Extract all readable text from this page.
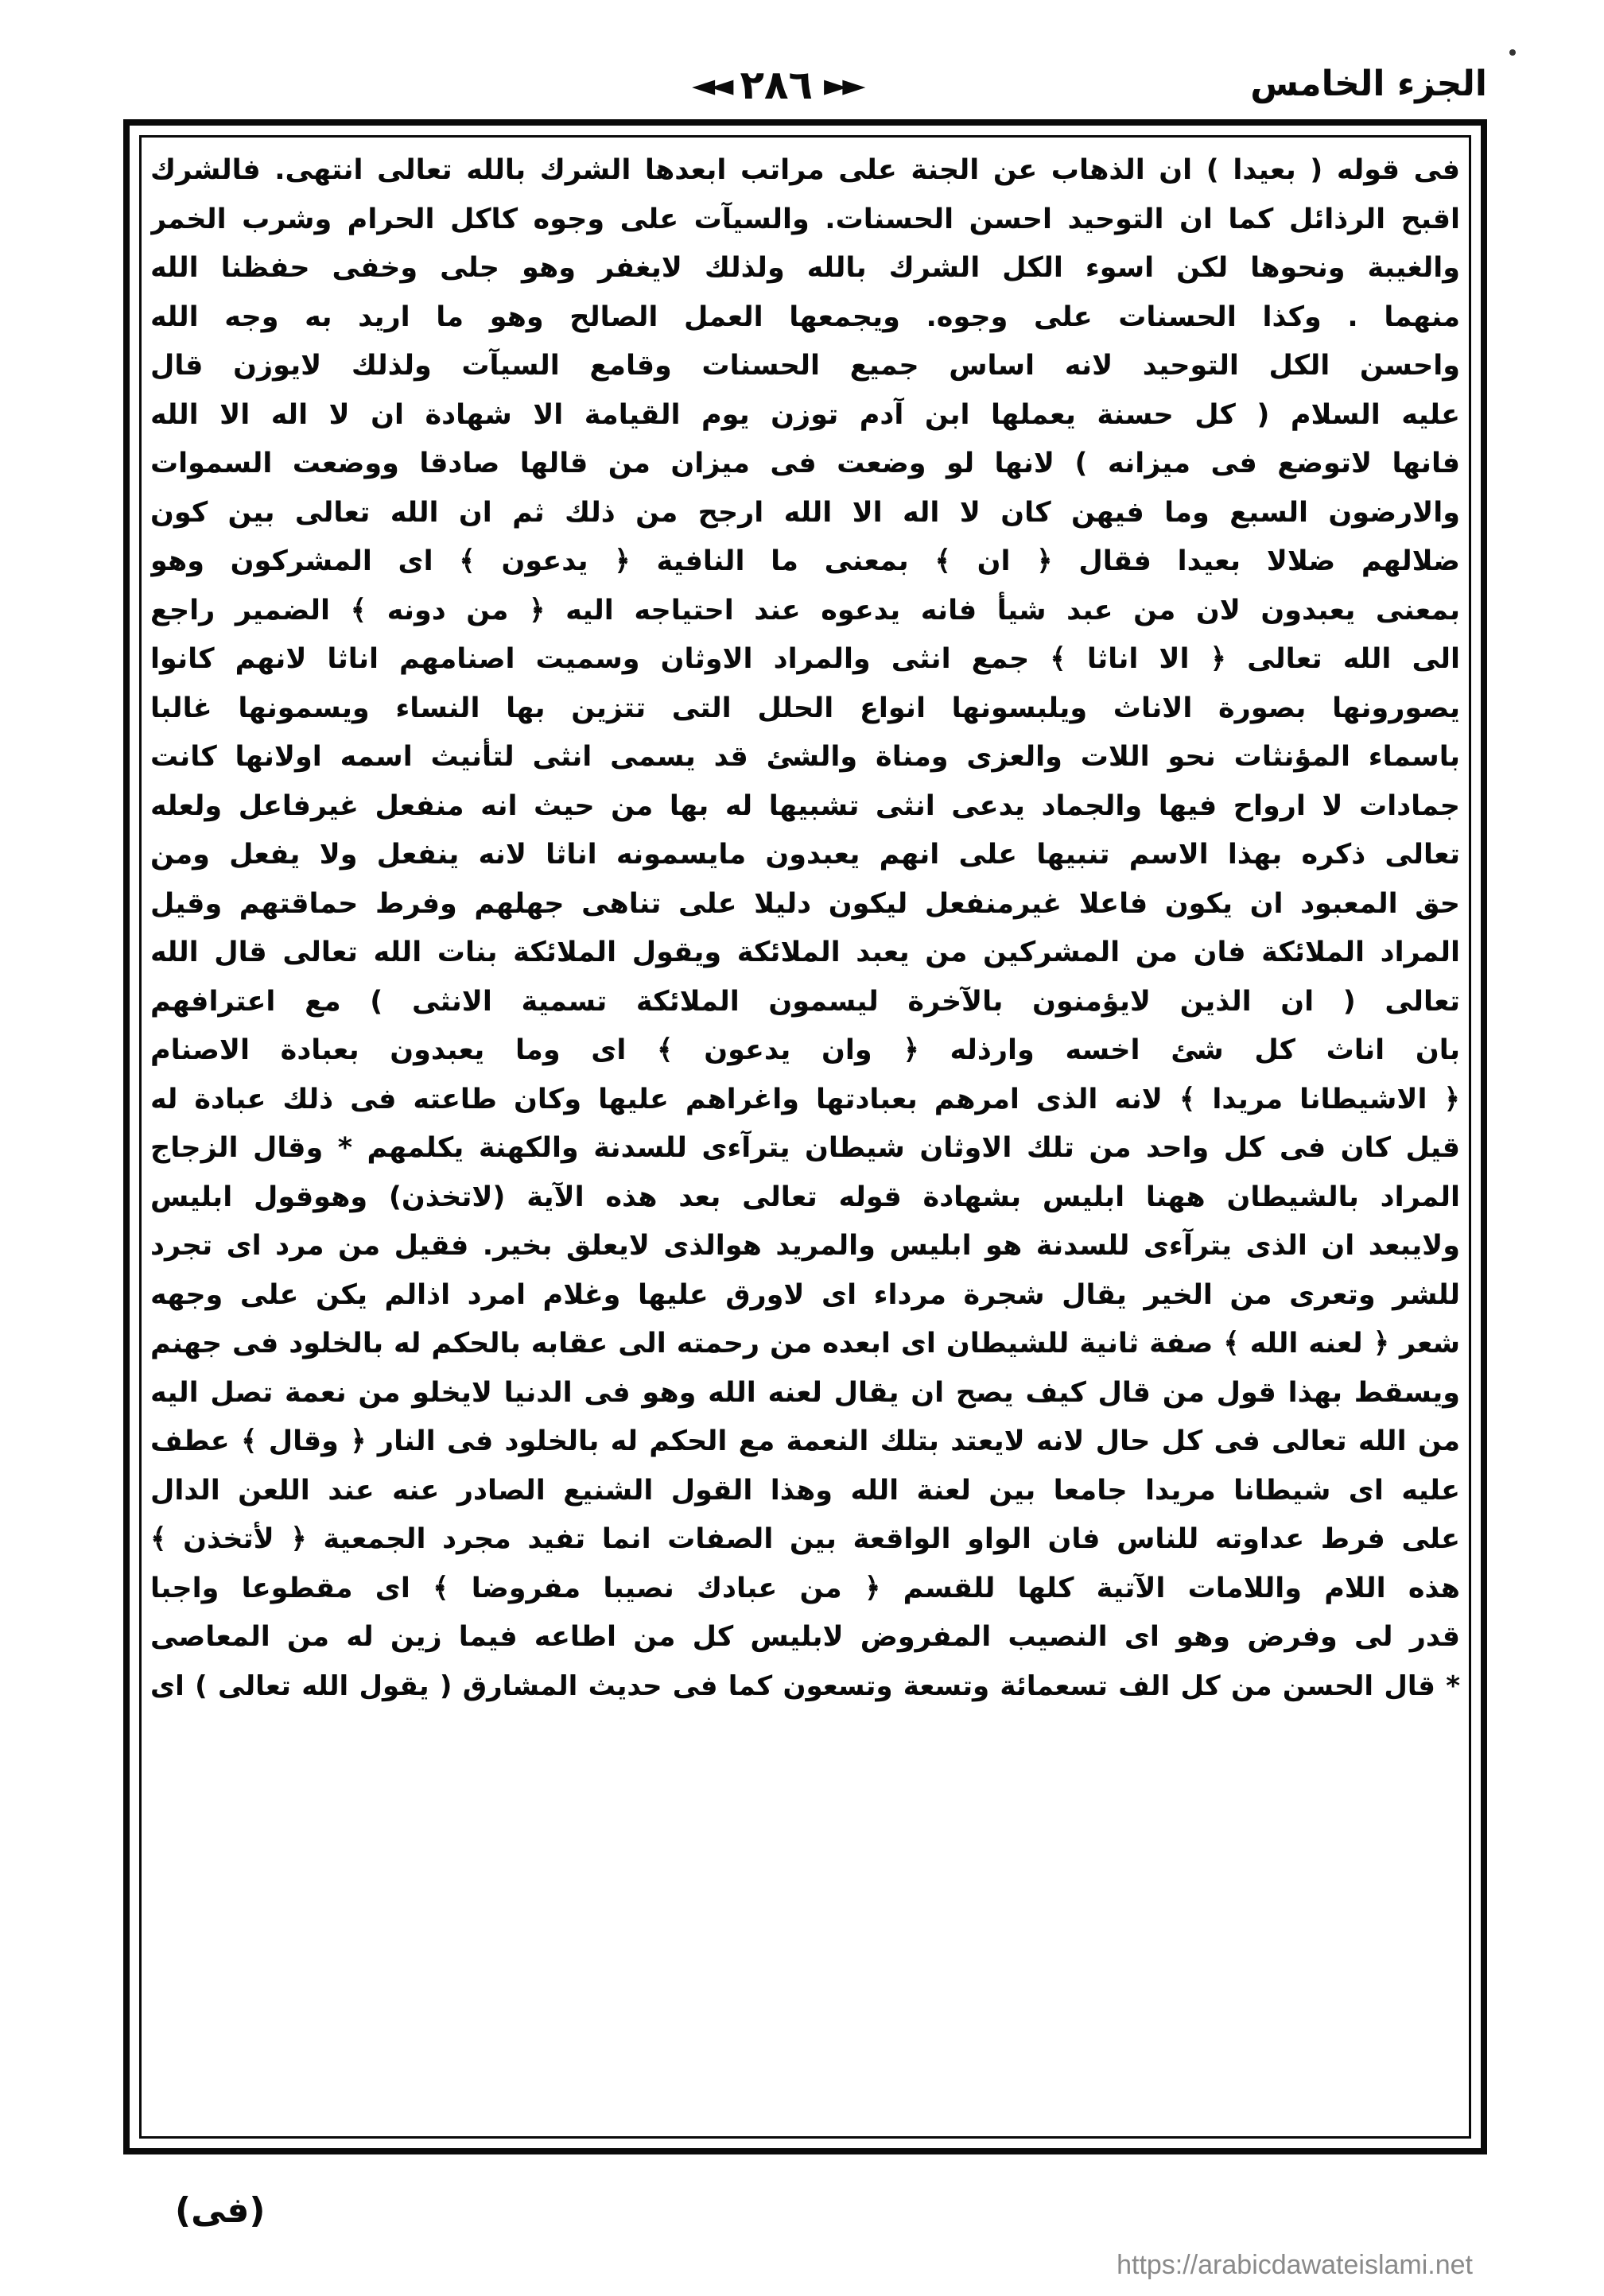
الجزء الخامس
◄◄ ٢٨٦ ►►
فى قوله ( بعيدا ) ان الذهاب عن الجنة على مراتب ابعدها الشرك بالله تعالى انتهى. فالشرك
اقبح الرذائل كما ان التوحيد احسن الحسنات. والسيآت على وجوه كاكل الحرام وشرب الخمر
والغيبة ونحوها لكن اسوء الكل الشرك بالله ولذلك لايغفر وهو جلى وخفى حفظنا الله
منهما . وكذا الحسنات على وجوه. ويجمعها العمل الصالح وهو ما اريد به وجه الله
واحسن الكل التوحيد لانه اساس جميع الحسنات وقامع السيآت ولذلك لايوزن قال
عليه السلام ( كل حسنة يعملها ابن آدم توزن يوم القيامة الا شهادة ان لا اله الا الله
فانها لاتوضع فى ميزانه ) لانها لو وضعت فى ميزان من قالها صادقا ووضعت السموات
والارضون السبع وما فيهن كان لا اله الا الله ارجح من ذلك ثم ان الله تعالى بين كون
ضلالهم ضلالا بعيدا فقال ﴿ ان ﴾ بمعنى ما النافية ﴿ يدعون ﴾ اى المشركون وهو
بمعنى يعبدون لان من عبد شيأ فانه يدعوه عند احتياجه اليه ﴿ من دونه ﴾ الضمير راجع
الى الله تعالى ﴿ الا اناثا ﴾ جمع انثى والمراد الاوثان وسميت اصنامهم اناثا لانهم كانوا
يصورونها بصورة الاناث ويلبسونها انواع الحلل التى تتزين بها النساء ويسمونها غالبا
باسماء المؤنثات نحو اللات والعزى ومناة والشئ قد يسمى انثى لتأنيث اسمه اولانها كانت
جمادات لا ارواح فيها والجماد يدعى انثى تشبيها له بها من حيث انه منفعل غيرفاعل ولعله
تعالى ذكره بهذا الاسم تنبيها على انهم يعبدون مايسمونه اناثا لانه ينفعل ولا يفعل ومن
حق المعبود ان يكون فاعلا غيرمنفعل ليكون دليلا على تناهى جهلهم وفرط حماقتهم وقيل
المراد الملائكة فان من المشركين من يعبد الملائكة ويقول الملائكة بنات الله تعالى قال الله
تعالى ( ان الذين لايؤمنون بالآخرة ليسمون الملائكة تسمية الانثى ) مع اعترافهم
بان اناث كل شئ اخسه وارذله ﴿ وان يدعون ﴾ اى وما يعبدون بعبادة الاصنام
﴿ الاشيطانا مريدا ﴾ لانه الذى امرهم بعبادتها واغراهم عليها وكان طاعته فى ذلك عبادة له
قيل كان فى كل واحد من تلك الاوثان شيطان يترآءى للسدنة والكهنة يكلمهم * وقال الزجاج
المراد بالشيطان ههنا ابليس بشهادة قوله تعالى بعد هذه الآية (لاتخذن) وهوقول ابليس
ولايبعد ان الذى يترآءى للسدنة هو ابليس والمريد هوالذى لايعلق بخير. فقيل من مرد اى تجرد
للشر وتعرى من الخير يقال شجرة مرداء اى لاورق عليها وغلام امرد اذالم يكن على وجهه
شعر ﴿ لعنه الله ﴾ صفة ثانية للشيطان اى ابعده من رحمته الى عقابه بالحكم له بالخلود فى جهنم
ويسقط بهذا قول من قال كيف يصح ان يقال لعنه الله وهو فى الدنيا لايخلو من نعمة تصل اليه
من الله تعالى فى كل حال لانه لايعتد بتلك النعمة مع الحكم له بالخلود فى النار ﴿ وقال ﴾ عطف
عليه اى شيطانا مريدا جامعا بين لعنة الله وهذا القول الشنيع الصادر عنه عند اللعن الدال
على فرط عداوته للناس فان الواو الواقعة بين الصفات انما تفيد مجرد الجمعية ﴿ لأتخذن ﴾
هذه اللام واللامات الآتية كلها للقسم ﴿ من عبادك نصيبا مفروضا ﴾ اى مقطوعا واجبا
قدر لى وفرض وهو اى النصيب المفروض لابليس كل من اطاعه فيما زين له من المعاصى
* قال الحسن من كل الف تسعمائة وتسعة وتسعون كما فى حديث المشارق ( يقول الله تعالى ) اى
(فى)
https://arabicdawateislami.net
